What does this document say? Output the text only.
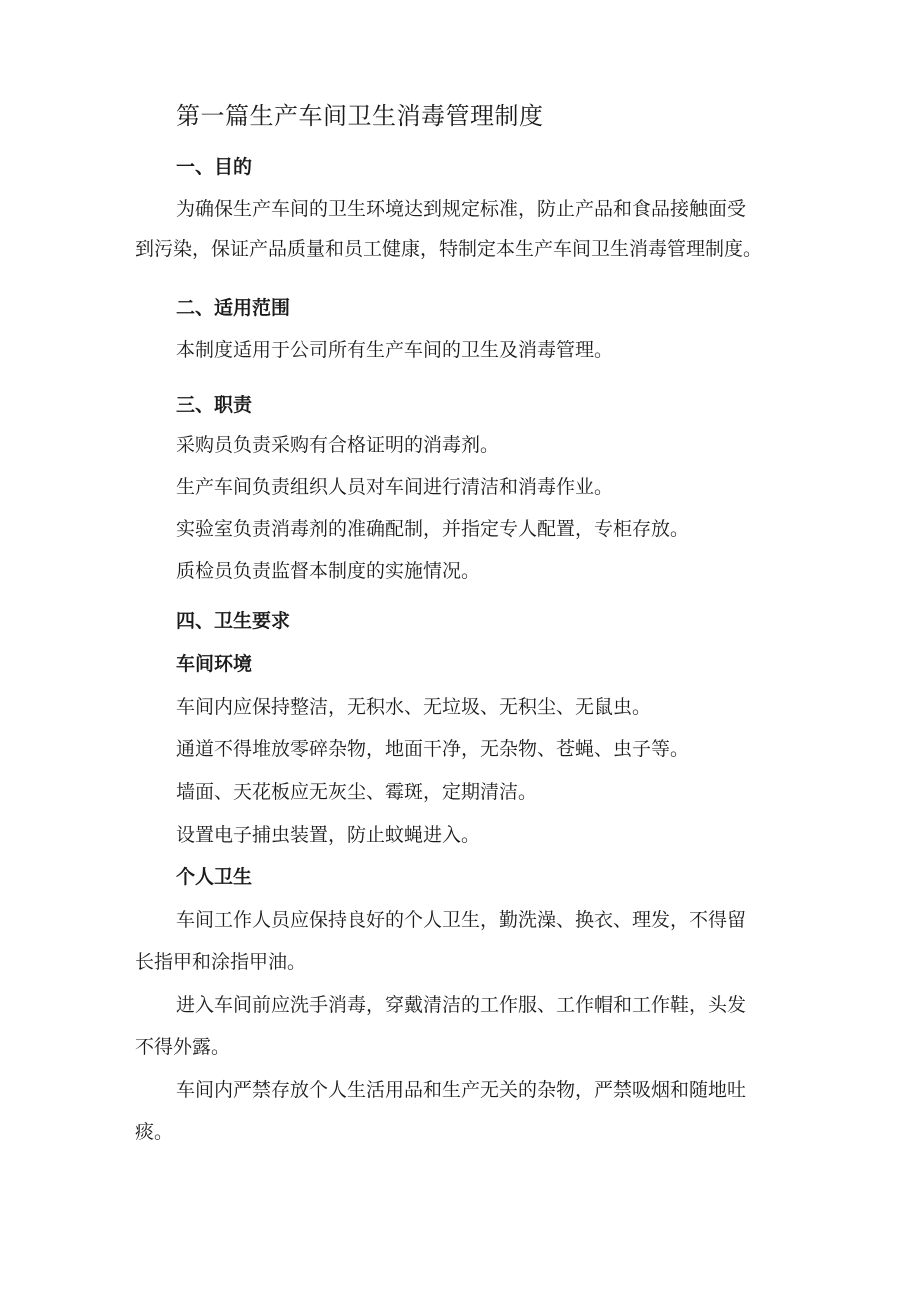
第一篇生产车间卫生消毒管理制度
一、目的
为确保生产车间的卫生环境达到规定标准，防止产品和食品接触面受
到污染，保证产品质量和员工健康，特制定本生产车间卫生消毒管理制度。
二、适用范围
本制度适用于公司所有生产车间的卫生及消毒管理。
三、职责
采购员负责采购有合格证明的消毒剂。
生产车间负责组织人员对车间进行清洁和消毒作业。
实验室负责消毒剂的准确配制，并指定专人配置，专柜存放。
质检员负责监督本制度的实施情况。
四、卫生要求
车间环境
车间内应保持整洁，无积水、无垃圾、无积尘、无鼠虫。
通道不得堆放零碎杂物，地面干净，无杂物、苍蝇、虫子等。
墙面、天花板应无灰尘、霉斑，定期清洁。
设置电子捕虫装置，防止蚊蝇进入。
个人卫生
车间工作人员应保持良好的个人卫生，勤洗澡、换衣、理发，不得留
长指甲和涂指甲油。
进入车间前应洗手消毒，穿戴清洁的工作服、工作帽和工作鞋，头发
不得外露。
车间内严禁存放个人生活用品和生产无关的杂物，严禁吸烟和随地吐
痰。
